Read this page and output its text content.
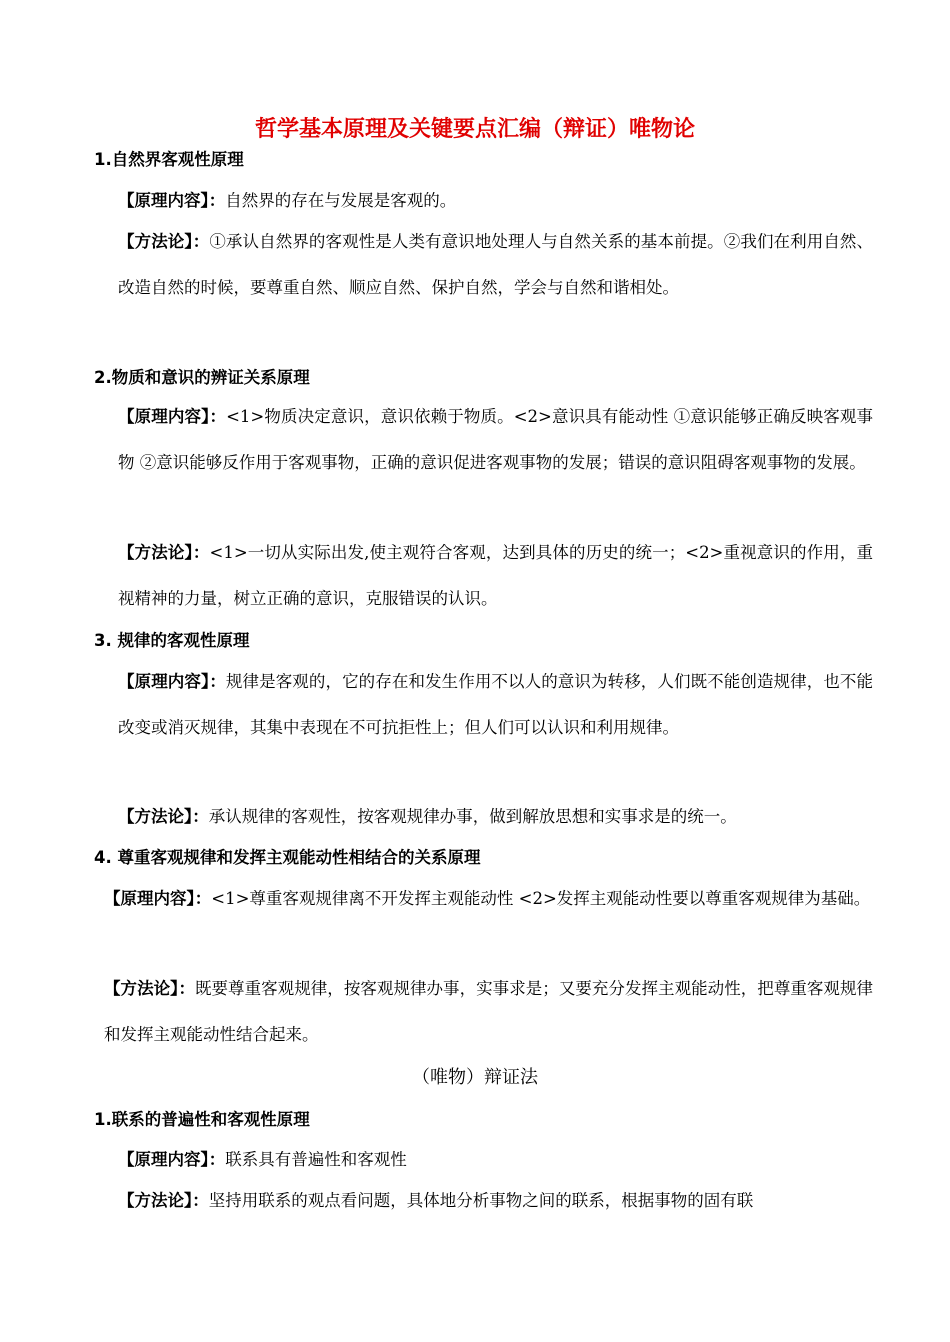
哲学基本原理及关键要点汇编（辩证）唯物论
1.自然界客观性原理
【原理内容】：自然界的存在与发展是客观的。
【方法论】：①承认自然界的客观性是人类有意识地处理人与自然关系的基本前提。②我们在利用自然、改造自然的时候，要尊重自然、顺应自然、保护自然，学会与自然和谐相处。
2.物质和意识的辨证关系原理
【原理内容】：<1>物质决定意识，意识依赖于物质。<2>意识具有能动性 ①意识能够正确反映客观事物 ②意识能够反作用于客观事物，正确的意识促进客观事物的发展；错误的意识阻碍客观事物的发展。
【方法论】：<1>一切从实际出发,使主观符合客观，达到具体的历史的统一；<2>重视意识的作用，重视精神的力量，树立正确的意识，克服错误的认识。
3. 规律的客观性原理
【原理内容】：规律是客观的，它的存在和发生作用不以人的意识为转移，人们既不能创造规律，也不能改变或消灭规律，其集中表现在不可抗拒性上；但人们可以认识和利用规律。
【方法论】：承认规律的客观性，按客观规律办事，做到解放思想和实事求是的统一。
4. 尊重客观规律和发挥主观能动性相结合的关系原理
【原理内容】：<1>尊重客观规律离不开发挥主观能动性 <2>发挥主观能动性要以尊重客观规律为基础。
【方法论】：既要尊重客观规律，按客观规律办事，实事求是；又要充分发挥主观能动性，把尊重客观规律和发挥主观能动性结合起来。
（唯物）辩证法
1.联系的普遍性和客观性原理
【原理内容】：联系具有普遍性和客观性
【方法论】：坚持用联系的观点看问题，具体地分析事物之间的联系，根据事物的固有联
